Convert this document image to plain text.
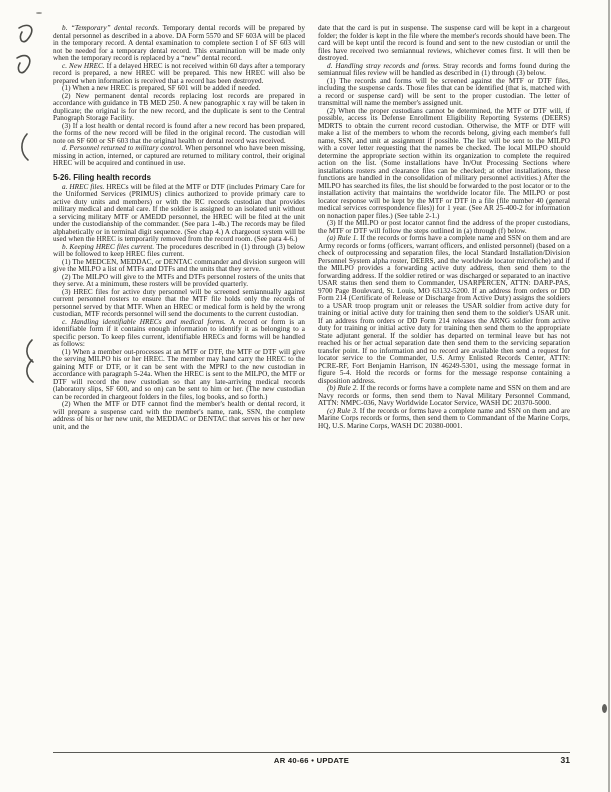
b. “Temporary” dental records. Temporary dental records will be prepared by dental personnel as described in a above. DA Form 5570 and SF 603A will be placed in the temporary record. A dental examination to complete section I of SF 603 will not be needed for a temporary dental record. This examination will be made only when the temporary record is replaced by a “new” dental record.
c. New HREC. If a delayed HREC is not received within 60 days after a temporary record is prepared, a new HREC will be prepared. This new HREC will also be prepared when information is received that a record has been destroyed.
(1) When a new HREC is prepared, SF 601 will be added if needed.
(2) New permanent dental records replacing lost records are prepared in accordance with guidance in TB MED 250. A new panographic x ray will be taken in duplicate; the original is for the new record, and the duplicate is sent to the Central Panograph Storage Facility.
(3) If a lost health or dental record is found after a new record has been prepared, the forms of the new record will be filed in the original record. The custodian will note on SF 600 or SF 603 that the original health or dental record was received.
d. Personnel returned to military control. When personnel who have been missing, missing in action, interned, or captured are returned to military control, their original HREC will be acquired and continued in use.
5-26. Filing health records
a. HREC files. HRECs will be filed at the MTF or DTF (includes Primary Care for the Uniformed Services (PRIMUS) clinics authorized to provide primary care to active duty units and members) or with the RC records custodian that provides military medical and dental care. If the soldier is assigned to an isolated unit without a servicing military MTF or AMEDD personnel, the HREC will be filed at the unit under the custodianship of the commander. (See para 1-4b.) The records may be filed alphabetically or in terminal digit sequence. (See chap 4.) A chargeout system will be used when the HREC is temporarily removed from the record room. (See para 4-6.)
b. Keeping HREC files current. The procedures described in (1) through (3) below will be followed to keep HREC files current.
(1) The MEDCEN, MEDDAC, or DENTAC commander and division surgeon will give the MILPO a list of MTFs and DTFs and the units that they serve.
(2) The MILPO will give to the MTFs and DTFs personnel rosters of the units that they serve. At a minimum, these rosters will be provided quarterly.
(3) HREC files for active duty personnel will be screened semiannually against current personnel rosters to ensure that the MTF file holds only the records of personnel served by that MTF. When an HREC or medical form is held by the wrong custodian, MTF records personnel will send the documents to the current custodian.
c. Handling identifiable HRECs and medical forms. A record or form is an identifiable form if it contains enough information to identify it as belonging to a specific person. To keep files current, identifiable HRECs and forms will be handled as follows:
(1) When a member out-processes at an MTF or DTF, the MTF or DTF will give the serving MILPO his or her HREC. The member may hand carry the HREC to the gaining MTF or DTF, or it can be sent with the MPRJ to the new custodian in accordance with paragraph 5-24a. When the HREC is sent to the MILPO, the MTF or DTF will record the new custodian so that any late-arriving medical records (laboratory slips, SF 600, and so on) can be sent to him or her. (The new custodian can be recorded in chargeout folders in the files, log books, and so forth.)
(2) When the MTF or DTF cannot find the member's health or dental record, it will prepare a suspense card with the member's name, rank, SSN, the complete address of his or her new unit, the MEDDAC or DENTAC that serves his or her new unit, and the
date that the card is put in suspense. The suspense card will be kept in a chargeout folder; the folder is kept in the file where the member's records should have been. The card will be kept until the record is found and sent to the new custodian or until the files have received two semiannual reviews, whichever comes first. It will then be destroyed.
d. Handling stray records and forms. Stray records and forms found during the semiannual files review will be handled as described in (1) through (3) below.
(1) The records and forms will be screened against the MTF or DTF files, including the suspense cards. Those files that can be identified (that is, matched with a record or suspense card) will be sent to the proper custodian. The letter of transmittal will name the member's assigned unit.
(2) When the proper custodians cannot be determined, the MTF or DTF will, if possible, access its Defense Enrollment Eligibility Reporting Systems (DEERS) MDRTS to obtain the current record custodian. Otherwise, the MTF or DTF will make a list of the members to whom the records belong, giving each member's full name, SSN, and unit at assignment if possible. The list will be sent to the MILPO with a cover letter requesting that the names be checked. The local MILPO should determine the appropriate section within its organization to complete the required action on the list. (Some installations have In/Out Processing Sections where installations rosters and clearance files can be checked; at other installations, these functions are handled in the consolidation of military personnel activities.) After the MILPO has searched its files, the list should be forwarded to the post locator or to the installation activity that maintains the worldwide locator file. The MILPO or post locator response will be kept by the MTF or DTF in a file (file number 40 (general medical services correspondence files)) for 1 year. (See AR 25-400-2 for information on nonaction paper files.) (See table 2-1.)
(3) If the MILPO or post locator cannot find the address of the proper custodians, the MTF or DTF will follow the steps outlined in (a) through (f) below.
(a) Rule 1. If the records or forms have a complete name and SSN on them and are Army records or forms (officers, warrant officers, and enlisted personnel) (based on a check of outprocessing and separation files, the local Standard Installation/Division Personnel System alpha roster, DEERS, and the worldwide locator microfiche) and if the MILPO provides a forwarding active duty address, then send them to the forwarding address. If the soldier retired or was discharged or separated to an inactive USAR status then send them to Commander, USARPERCEN, ATTN: DARP-PAS, 9700 Page Boulevard, St. Louis, MO 63132-5200. If an address from orders or DD Form 214 (Certificate of Release or Discharge from Active Duty) assigns the soldiers to a USAR troop program unit or releases the USAR soldier from active duty for training or initial active duty for training then send them to the soldier's USAR unit. If an address from orders or DD Form 214 releases the ARNG soldier from active duty for training or initial active duty for training then send them to the appropriate State adjutant general. If the soldier has departed on terminal leave but has not reached his or her actual separation date then send them to the servicing separation transfer point. If no information and no record are available then send a request for locator service to the Commander, U.S. Army Enlisted Records Center, ATTN: PCRE-RF, Fort Benjamin Harrison, IN 46249-5301, using the message format in figure 5-4. Hold the records or forms for the message response containing a disposition address.
(b) Rule 2. If the records or forms have a complete name and SSN on them and are Navy records or forms, then send them to Naval Military Personnel Command, ATTN: NMPC-036, Navy Worldwide Locator Service, WASH DC 20370-5000.
(c) Rule 3. If the records or forms have a complete name and SSN on them and are Marine Corps records or forms, then send them to Commandant of the Marine Corps, HQ, U.S. Marine Corps, WASH DC 20380-0001.
AR 40-66 • UPDATE	31
